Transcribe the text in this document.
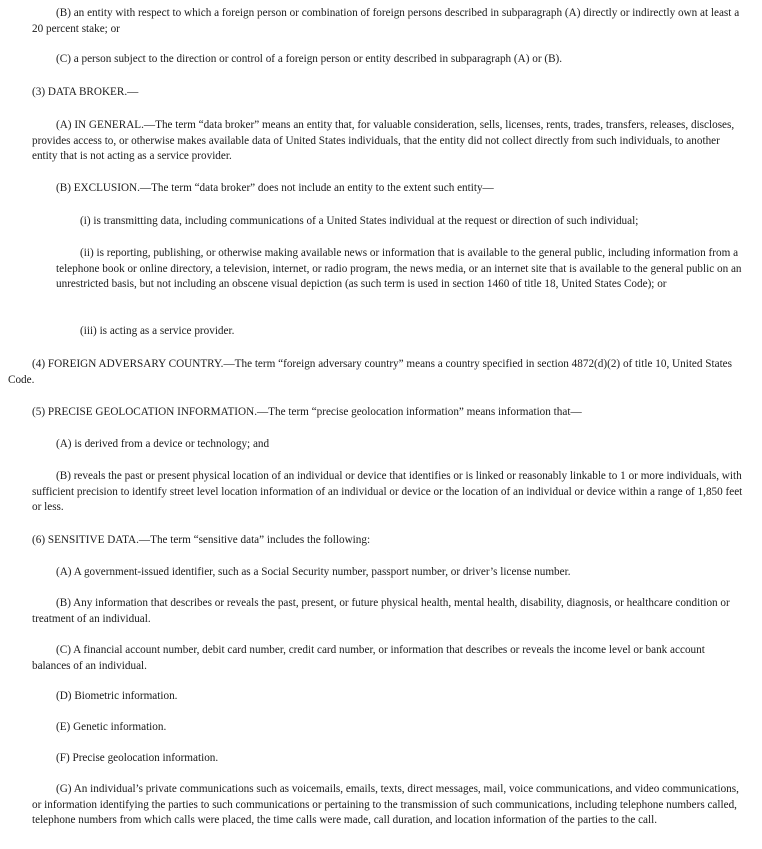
(B) an entity with respect to which a foreign person or combination of foreign persons described in subparagraph (A) directly or indirectly own at least a 20 percent stake; or

(C) a person subject to the direction or control of a foreign person or entity described in subparagraph (A) or (B).

(3) DATA BROKER.—

(A) IN GENERAL.—The term “data broker” means an entity that, for valuable consideration, sells, licenses, rents, trades, transfers, releases, discloses, provides access to, or otherwise makes available data of United States individuals, that the entity did not collect directly from such individuals, to another entity that is not acting as a service provider.

(B) EXCLUSION.—The term “data broker” does not include an entity to the extent such entity—

(i) is transmitting data, including communications of a United States individual at the request or direction of such individual;

(ii) is reporting, publishing, or otherwise making available news or information that is available to the general public, including information from a telephone book or online directory, a television, internet, or radio program, the news media, or an internet site that is available to the general public on an unrestricted basis, but not including an obscene visual depiction (as such term is used in section 1460 of title 18, United States Code); or

(iii) is acting as a service provider.

(4) FOREIGN ADVERSARY COUNTRY.—The term “foreign adversary country” means a country specified in section 4872(d)(2) of title 10, United States Code.

(5) PRECISE GEOLOCATION INFORMATION.—The term “precise geolocation information” means information that—

(A) is derived from a device or technology; and

(B) reveals the past or present physical location of an individual or device that identifies or is linked or reasonably linkable to 1 or more individuals, with sufficient precision to identify street level location information of an individual or device or the location of an individual or device within a range of 1,850 feet or less.

(6) SENSITIVE DATA.—The term “sensitive data” includes the following:

(A) A government-issued identifier, such as a Social Security number, passport number, or driver’s license number.

(B) Any information that describes or reveals the past, present, or future physical health, mental health, disability, diagnosis, or healthcare condition or treatment of an individual.

(C) A financial account number, debit card number, credit card number, or information that describes or reveals the income level or bank account balances of an individual.

(D) Biometric information.

(E) Genetic information.

(F) Precise geolocation information.

(G) An individual’s private communications such as voicemails, emails, texts, direct messages, mail, voice communications, and video communications, or information identifying the parties to such communications or pertaining to the transmission of such communications, including telephone numbers called, telephone numbers from which calls were placed, the time calls were made, call duration, and location information of the parties to the call.
